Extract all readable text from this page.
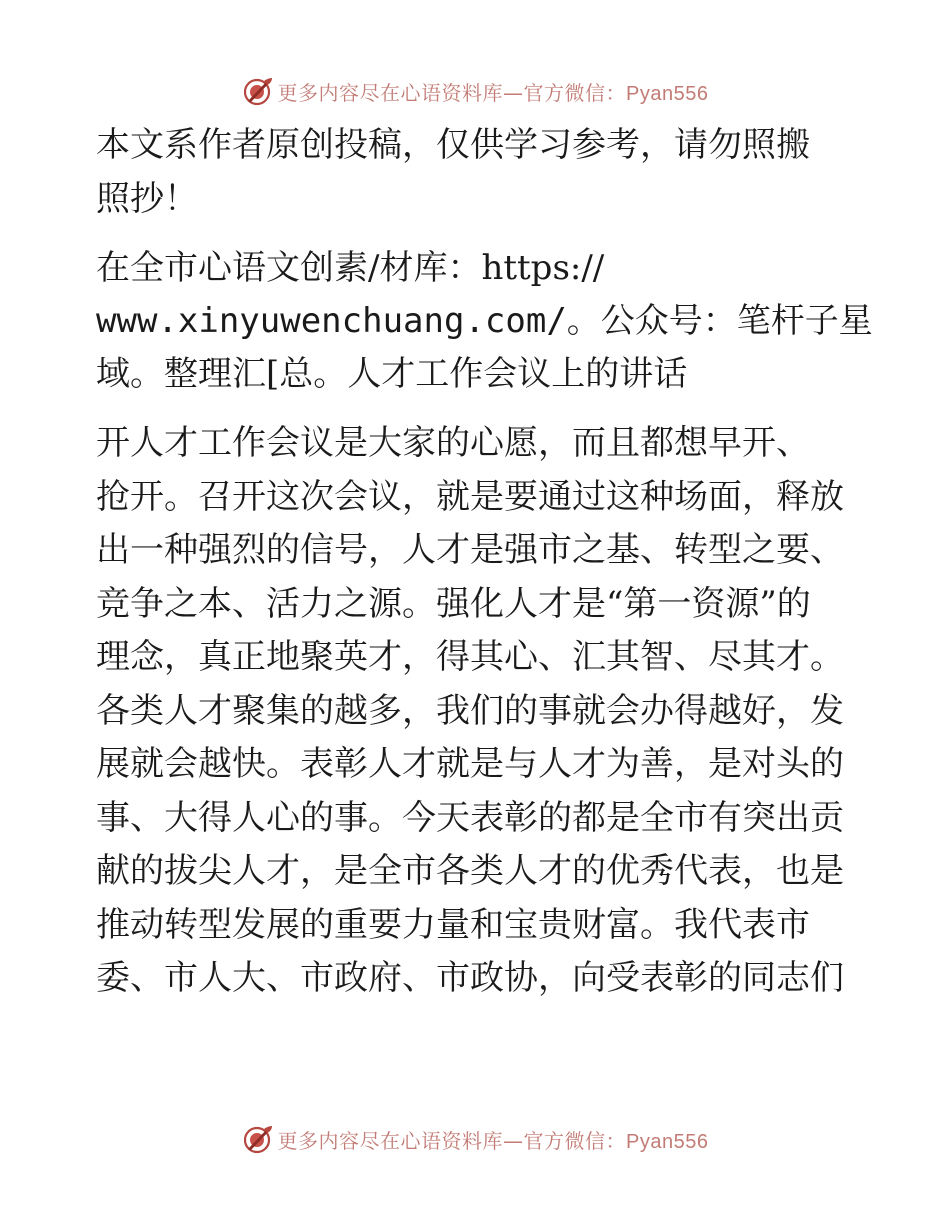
更多内容尽在心语资料库—官方微信：Pyan556

本文系作者原创投稿，仅供学习参考，请勿照搬
照抄！

在全市心语文创素/材库：https://
www.xinyuwenchuang.com/。公众号：笔杆子星
域。整理汇[总。人才工作会议上的讲话

开人才工作会议是大家的心愿，而且都想早开、
抢开。召开这次会议，就是要通过这种场面，释放
出一种强烈的信号，人才是强市之基、转型之要、
竞争之本、活力之源。强化人才是“第一资源”的
理念，真正地聚英才，得其心、汇其智、尽其才。
各类人才聚集的越多，我们的事就会办得越好，发
展就会越快。表彰人才就是与人才为善，是对头的
事、大得人心的事。今天表彰的都是全市有突出贡
献的拔尖人才，是全市各类人才的优秀代表，也是
推动转型发展的重要力量和宝贵财富。我代表市
委、市人大、市政府、市政协，向受表彰的同志们

更多内容尽在心语资料库—官方微信：Pyan556
